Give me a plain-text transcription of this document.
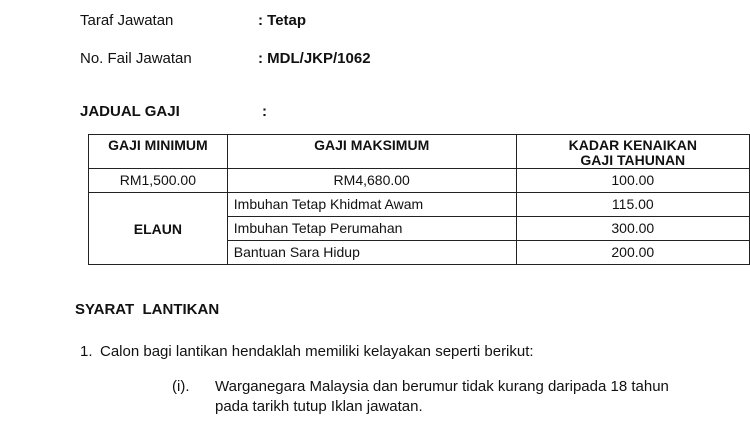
Taraf Jawatan	: Tetap
No. Fail Jawatan	: MDL/JKP/1062
JADUAL GAJI	:
GAJI MINIMUM	GAJI MAKSIMUM	KADAR KENAIKAN GAJI TAHUNAN

RM1,500.00	RM4,680.00	100.00
ELAUN	Imbuhan Tetap Khidmat Awam	115.00
	Imbuhan Tetap Perumahan	300.00
	Bantuan Sara Hidup	200.00
SYARAT  LANTIKAN
1. Calon bagi lantikan hendaklah memiliki kelayakan seperti berikut:
(i). Warganegara Malaysia dan berumur tidak kurang daripada 18 tahun
pada tarikh tutup Iklan jawatan.
